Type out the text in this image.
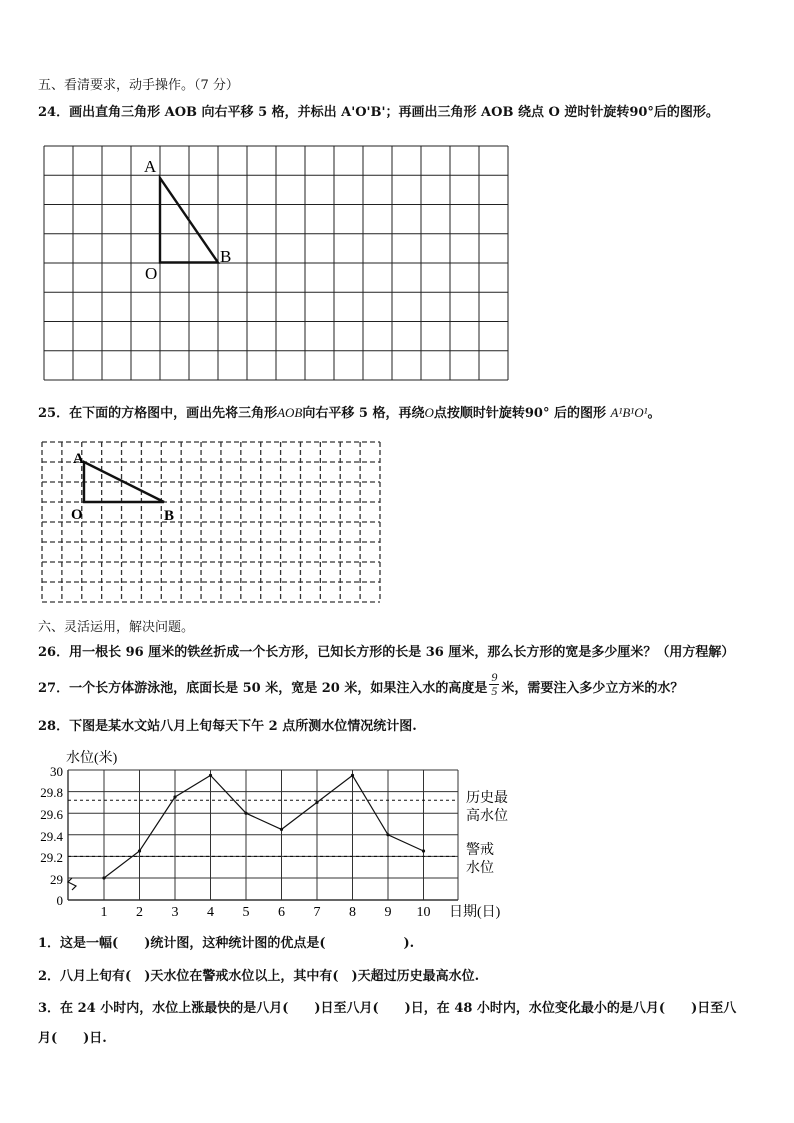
五、看清要求，动手操作。（7 分）
24．画出直角三角形 AOB 向右平移 5 格，并标出 A'O'B'；再画出三角形 AOB 绕点 O 逆时针旋转90°后的图形。
A
O
B
25．在下面的方格图中，画出先将三角形AOB向右平移 5 格，再绕O点按顺时针旋转90° 后的图形 A¹B¹O¹。
A
O	B
六、灵活运用，解决问题。
26．用一根长 96 厘米的铁丝折成一个长方形，已知长方形的长是 36 厘米，那么长方形的宽是多少厘米？（用方程解）
27．一个长方体游泳池，底面长是 50 米，宽是 20 米，如果注入水的高度是 $\frac{9}{5}$ 米，需要注入多少立方米的水？
28．下图是某水文站八月上旬每天下午 2 点所测水位情况统计图.
水位(米)
历史最
高水位
警戒
水位
0
29
29.2
29.4
29.6
29.8
30
1 2 3 4 5 6 7 8 9 10 日期(日)
1．这是一幅(　　)统计图，这种统计图的优点是(　　　　　　).
2．八月上旬有(　)天水位在警戒水位以上，其中有(　)天超过历史最高水位.
3．在 24 小时内，水位上涨最快的是八月(　　)日至八月(　　)日，在 48 小时内，水位变化最小的是八月(　　)日至八
月(　　)日.
